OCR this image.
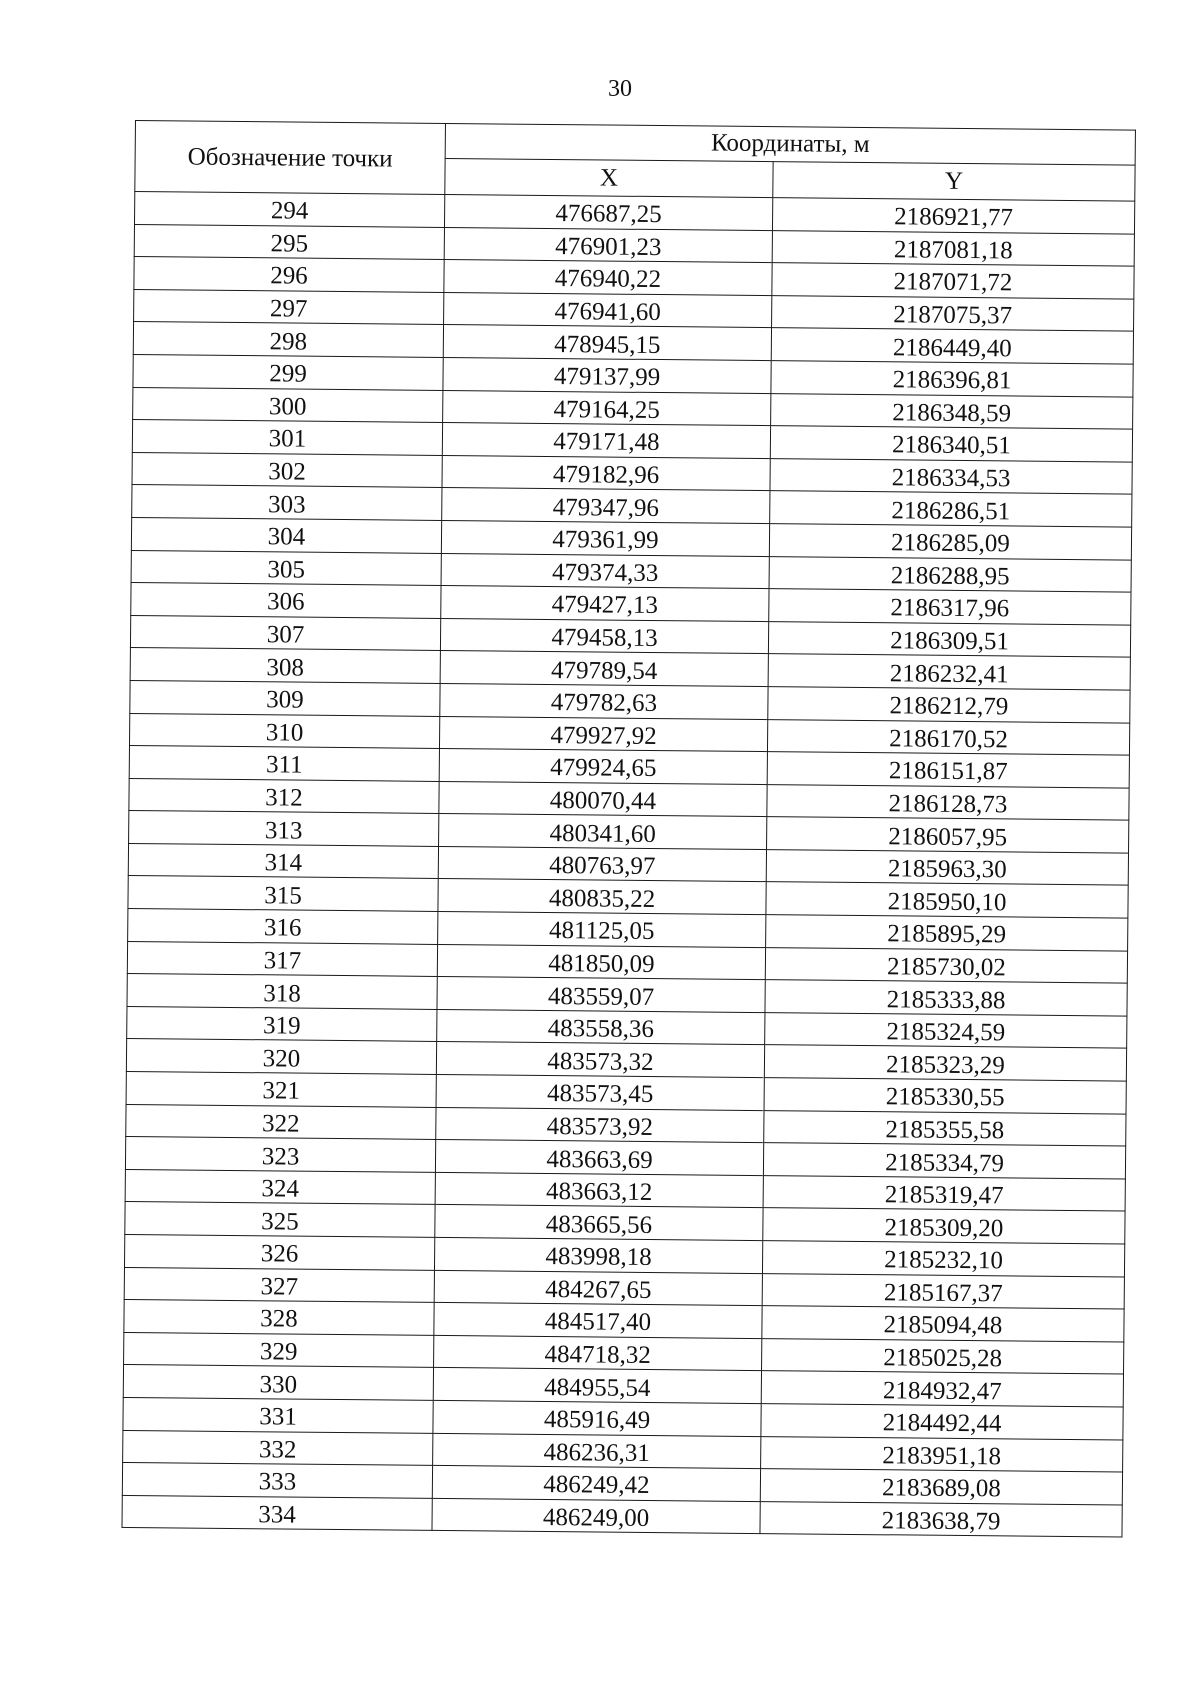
30
Обозначение точки	Координаты, м	
	X	Y
294	476687,25	2186921,77
295	476901,23	2187081,18
296	476940,22	2187071,72
297	476941,60	2187075,37
298	478945,15	2186449,40
299	479137,99	2186396,81
300	479164,25	2186348,59
301	479171,48	2186340,51
302	479182,96	2186334,53
303	479347,96	2186286,51
304	479361,99	2186285,09
305	479374,33	2186288,95
306	479427,13	2186317,96
307	479458,13	2186309,51
308	479789,54	2186232,41
309	479782,63	2186212,79
310	479927,92	2186170,52
311	479924,65	2186151,87
312	480070,44	2186128,73
313	480341,60	2186057,95
314	480763,97	2185963,30
315	480835,22	2185950,10
316	481125,05	2185895,29
317	481850,09	2185730,02
318	483559,07	2185333,88
319	483558,36	2185324,59
320	483573,32	2185323,29
321	483573,45	2185330,55
322	483573,92	2185355,58
323	483663,69	2185334,79
324	483663,12	2185319,47
325	483665,56	2185309,20
326	483998,18	2185232,10
327	484267,65	2185167,37
328	484517,40	2185094,48
329	484718,32	2185025,28
330	484955,54	2184932,47
331	485916,49	2184492,44
332	486236,31	2183951,18
333	486249,42	2183689,08
334	486249,00	2183638,79
